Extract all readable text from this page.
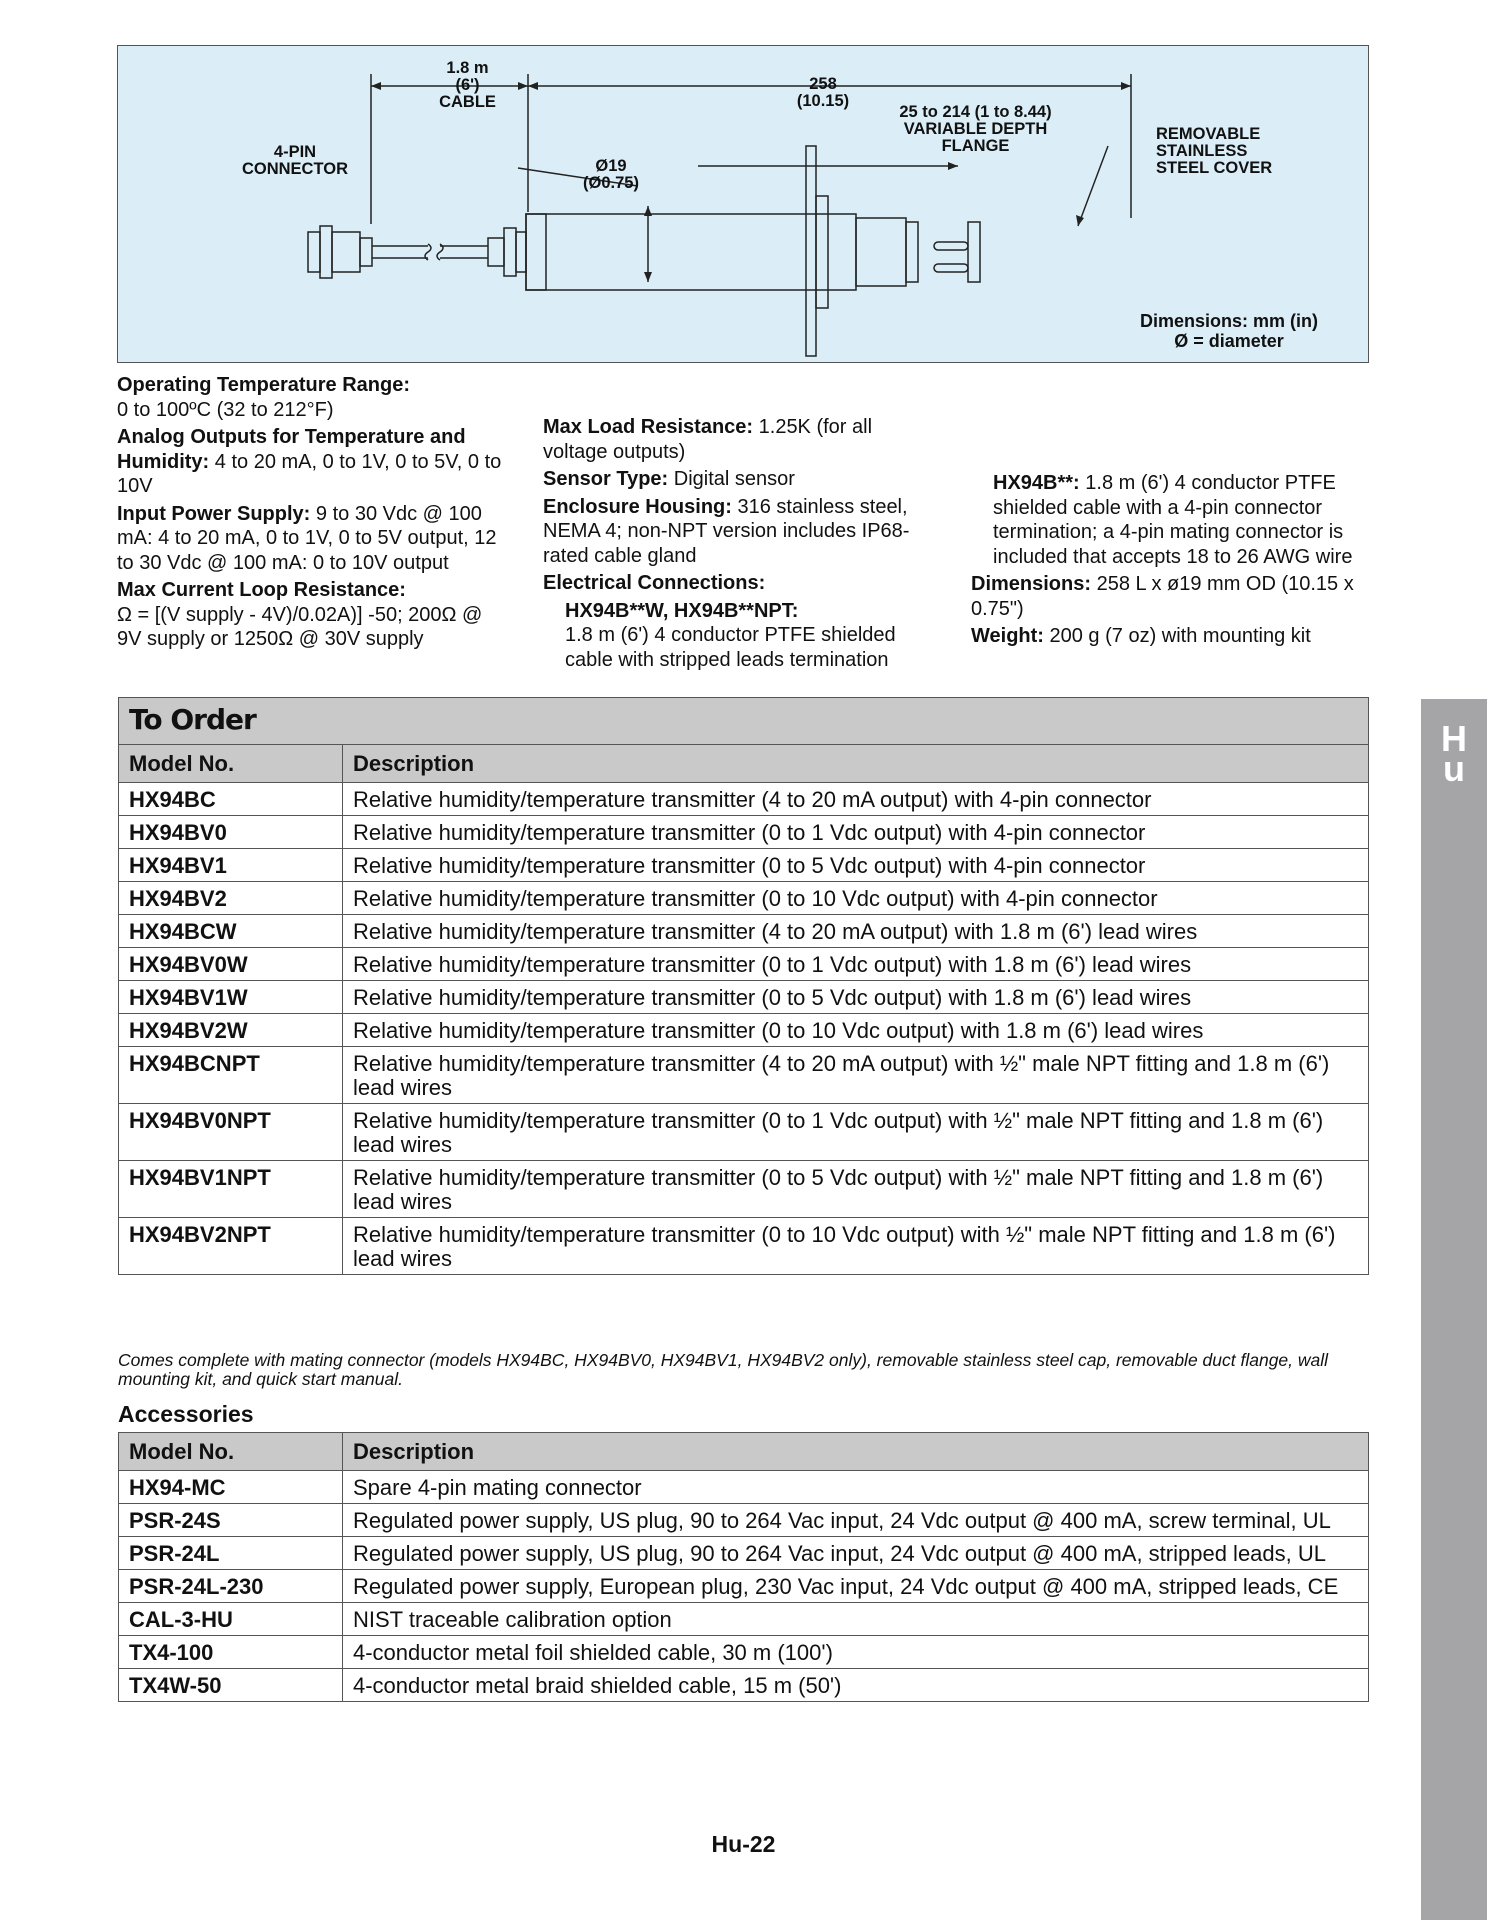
1.8 m
(6')
CABLE
4-PIN
CONNECTOR
258
(10.15)
25 to 214 (1 to 8.44)
VARIABLE DEPTH
FLANGE
Ø19
(Ø0.75)
REMOVABLE
STAINLESS
STEEL COVER
Dimensions: mm (in)
Ø = diameter

Operating Temperature Range:
0 to 100ºC (32 to 212°F)

Analog Outputs for Temperature and Humidity: 4 to 20 mA, 0 to 1V, 0 to 5V, 0 to 10V

Input Power Supply: 9 to 30 Vdc @ 100 mA: 4 to 20 mA, 0 to 1V, 0 to 5V output, 12 to 30 Vdc @ 100 mA: 0 to 10V output

Max Current Loop Resistance:
Ω = [(V supply - 4V)/0.02A)] -50; 200Ω @ 9V supply or 1250Ω @ 30V supply

Max Load Resistance: 1.25K (for all voltage outputs)

Sensor Type: Digital sensor

Enclosure Housing: 316 stainless steel, NEMA 4; non-NPT version includes IP68-rated cable gland

Electrical Connections:

HX94B**W, HX94B**NPT:
1.8 m (6') 4 conductor PTFE shielded cable with stripped leads termination

HX94B**: 1.8 m (6') 4 conductor PTFE shielded cable with a 4-pin connector termination; a 4-pin mating connector is included that accepts 18 to 26 AWG wire

Dimensions: 258 L x ø19 mm OD (10.15 x 0.75")

Weight: 200 g (7 oz) with mounting kit

H
u
To Order
Model No.	Description
HX94BC	Relative humidity/temperature transmitter (4 to 20 mA output) with 4-pin connector
HX94BV0	Relative humidity/temperature transmitter (0 to 1 Vdc output) with 4-pin connector
HX94BV1	Relative humidity/temperature transmitter (0 to 5 Vdc output) with 4-pin connector
HX94BV2	Relative humidity/temperature transmitter (0 to 10 Vdc output) with 4-pin connector
HX94BCW	Relative humidity/temperature transmitter (4 to 20 mA output) with 1.8 m (6') lead wires
HX94BV0W	Relative humidity/temperature transmitter (0 to 1 Vdc output) with 1.8 m (6') lead wires
HX94BV1W	Relative humidity/temperature transmitter (0 to 5 Vdc output) with 1.8 m (6') lead wires
HX94BV2W	Relative humidity/temperature transmitter (0 to 10 Vdc output) with 1.8 m (6') lead wires
HX94BCNPT	Relative humidity/temperature transmitter (4 to 20 mA output) with ½" male NPT fitting and 1.8 m (6') lead wires
HX94BV0NPT	Relative humidity/temperature transmitter (0 to 1 Vdc output) with ½" male NPT fitting and 1.8 m (6') lead wires
HX94BV1NPT	Relative humidity/temperature transmitter (0 to 5 Vdc output) with ½" male NPT fitting and 1.8 m (6') lead wires
HX94BV2NPT	Relative humidity/temperature transmitter (0 to 10 Vdc output) with ½" male NPT fitting and 1.8 m (6') lead wires
Comes complete with mating connector (models HX94BC, HX94BV0, HX94BV1, HX94BV2 only), removable stainless steel cap, removable duct flange, wall mounting kit, and quick start manual.
Accessories
Model No.	Description
HX94-MC	Spare 4-pin mating connector
PSR-24S	Regulated power supply, US plug, 90 to 264 Vac input, 24 Vdc output @ 400 mA, screw terminal, UL
PSR-24L	Regulated power supply, US plug, 90 to 264 Vac input, 24 Vdc output @ 400 mA, stripped leads, UL
PSR-24L-230	Regulated power supply, European plug, 230 Vac input, 24 Vdc output @ 400 mA, stripped leads, CE
CAL-3-HU	NIST traceable calibration option
TX4-100	4-conductor metal foil shielded cable, 30 m (100')
TX4W-50	4-conductor metal braid shielded cable, 15 m (50')
Hu-22
